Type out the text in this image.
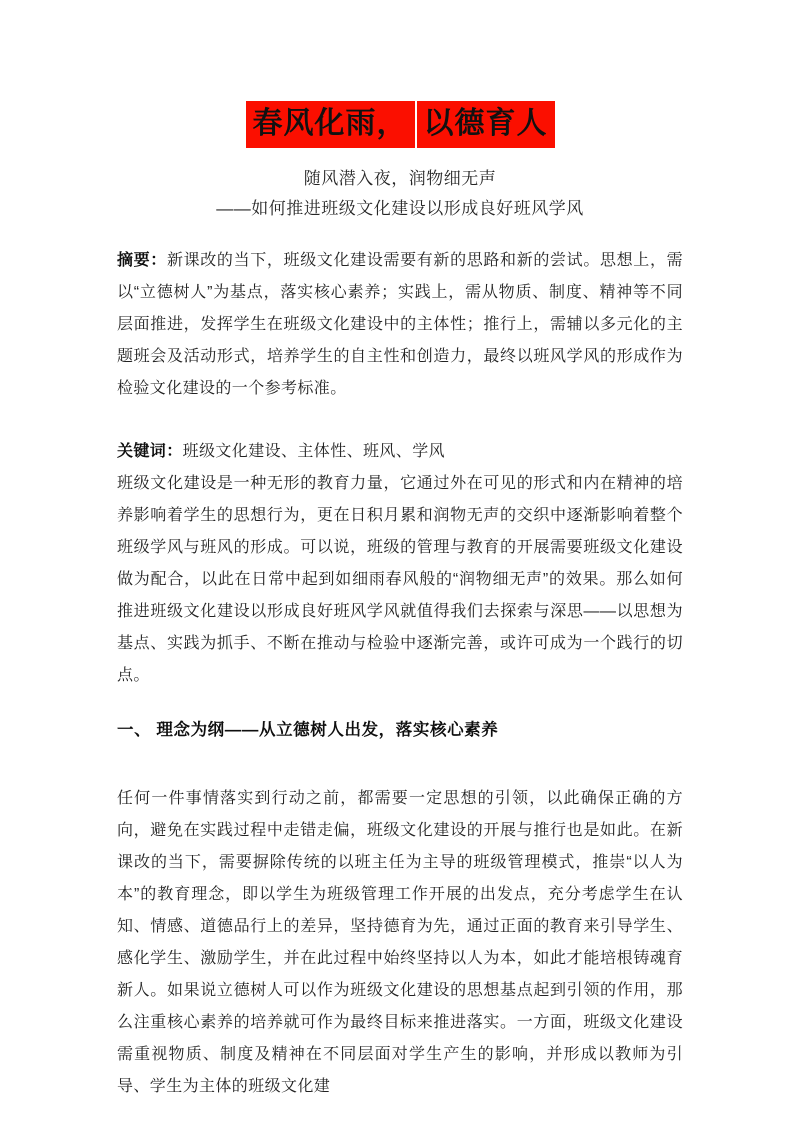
春风化雨， 以德育人
随风潜入夜，润物细无声
——如何推进班级文化建设以形成良好班风学风

摘要：新课改的当下，班级文化建设需要有新的思路和新的尝试。思想上，需以“立德树人”为基点，落实核心素养；实践上，需从物质、制度、精神等不同层面推进，发挥学生在班级文化建设中的主体性；推行上，需辅以多元化的主题班会及活动形式，培养学生的自主性和创造力，最终以班风学风的形成作为检验文化建设的一个参考标准。

关键词：班级文化建设、主体性、班风、学风

班级文化建设是一种无形的教育力量，它通过外在可见的形式和内在精神的培养影响着学生的思想行为，更在日积月累和润物无声的交织中逐渐影响着整个班级学风与班风的形成。可以说，班级的管理与教育的开展需要班级文化建设做为配合，以此在日常中起到如细雨春风般的“润物细无声”的效果。那么如何推进班级文化建设以形成良好班风学风就值得我们去探索与深思——以思想为基点、实践为抓手、不断在推动与检验中逐渐完善，或许可成为一个践行的切点。

一、 理念为纲——从立德树人出发，落实核心素养

任何一件事情落实到行动之前，都需要一定思想的引领，以此确保正确的方向，避免在实践过程中走错走偏，班级文化建设的开展与推行也是如此。在新课改的当下，需要摒除传统的以班主任为主导的班级管理模式，推崇“以人为本”的教育理念，即以学生为班级管理工作开展的出发点，充分考虑学生在认知、情感、道德品行上的差异，坚持德育为先，通过正面的教育来引导学生、感化学生、激励学生，并在此过程中始终坚持以人为本，如此才能培根铸魂育新人。如果说立德树人可以作为班级文化建设的思想基点起到引领的作用，那么注重核心素养的培养就可作为最终目标来推进落实。一方面，班级文化建设需重视物质、制度及精神在不同层面对学生产生的影响，并形成以教师为引导、学生为主体的班级文化建
